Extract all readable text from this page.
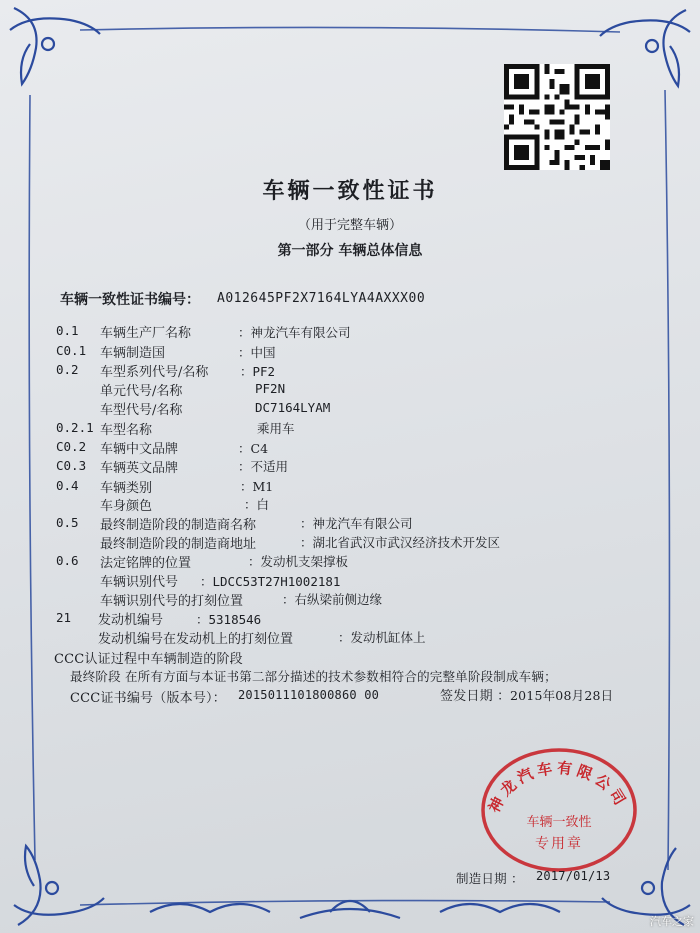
车辆一致性证书
（用于完整车辆）
第一部分 车辆总体信息
车辆一致性证书编号： A012645PF2X7164LYA4AXXX00
0.1 车辆生产厂名称	：神龙汽车有限公司
C0.1 车辆制造国	：中国
0.2 车型系列代号/名称	：PF2
单元代号/名称	PF2N
车型代号/名称	DC7164LYAM
0.2.1 车型名称	乘用车
C0.2 车辆中文品牌	：C4
C0.3 车辆英文品牌	：不适用
0.4 车辆类别	：M1
车身颜色	：白
0.5 最终制造阶段的制造商名称	：神龙汽车有限公司
最终制造阶段的制造商地址	：湖北省武汉市武汉经济技术开发区
0.6 法定铭牌的位置	：发动机支架撑板
车辆识别代号 ：LDCC53T27H1002181
车辆识别代号的打刻位置	：右纵梁前侧边缘
21 发动机编号	：5318546
发动机编号在发动机上的打刻位置	：发动机缸体上
CCC认证过程中车辆制造的阶段
最终阶段 在所有方面与本证书第二部分描述的技术参数相符合的完整单阶段制成车辆；
CCC证书编号（版本号）： 2015011101800860 00	签发日期 ： 2015年08月28日
神龙汽车有限公司
车辆一致性
专用章
制造日期 ： 2017/01/13
汽车之家
